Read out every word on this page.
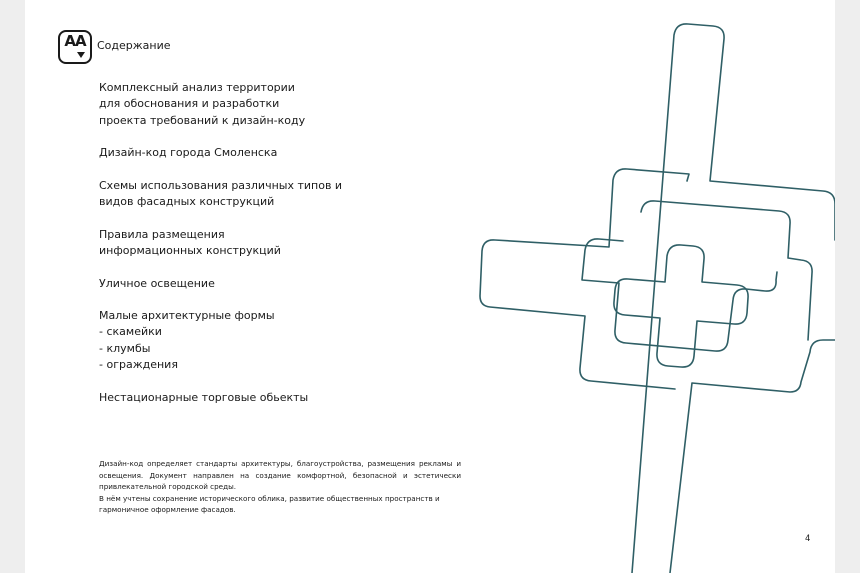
АА Содержание
Комплексный анализ территории
для обоснования и разработки
проекта требований к дизайн-коду
Дизайн-код города Смоленска
Схемы использования различных типов и
видов фасадных конструкций
Правила размещения
информационных конструкций
Уличное освещение
Малые архитектурные формы
- скамейки
- клумбы
- ограждения
Нестационарные торговые обьекты

Дизайн-код определяет стандарты архитектуры, благоустройства, размещения рекламы и освещения. Документ направлен на создание комфортной, безопасной и эстетически привлекательной городской среды.

В нём учтены сохранение исторического облика, развитие общественных пространств и гармоничное оформление фасадов.

4
